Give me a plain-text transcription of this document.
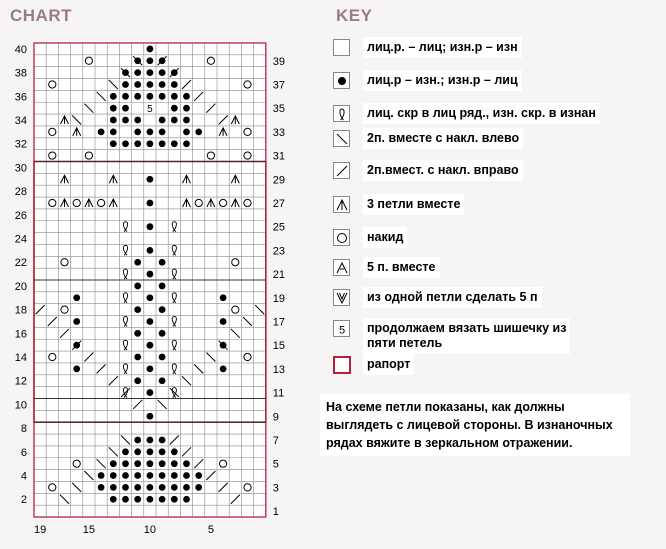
CHART	KEY
5
2
4
6
8
10
12
14
16
18
20
22
24
26
28
30
32
34
36
38
40
1
3
5
7
9
11
13
15
17
19
21
23
25
27
29
31
33
35
37
39
19	15	10	5
лиц.р. – лиц; изн.р – изн
лиц.р – изн.; изн.р – лиц
лиц. скр в лиц ряд., изн. скр. в изнан
2п. вместе с накл. влево
2п.вмест. с накл. вправо
3 петли вместе
накид
5 п. вместе
из одной петли сделать 5 п
5	продолжаем вязать шишечку из
пяти петель
рапорт
На схеме петли показаны, как должны выглядеть с лицевой стороны. В изнаночных рядах вяжите в зеркальном отражении.
